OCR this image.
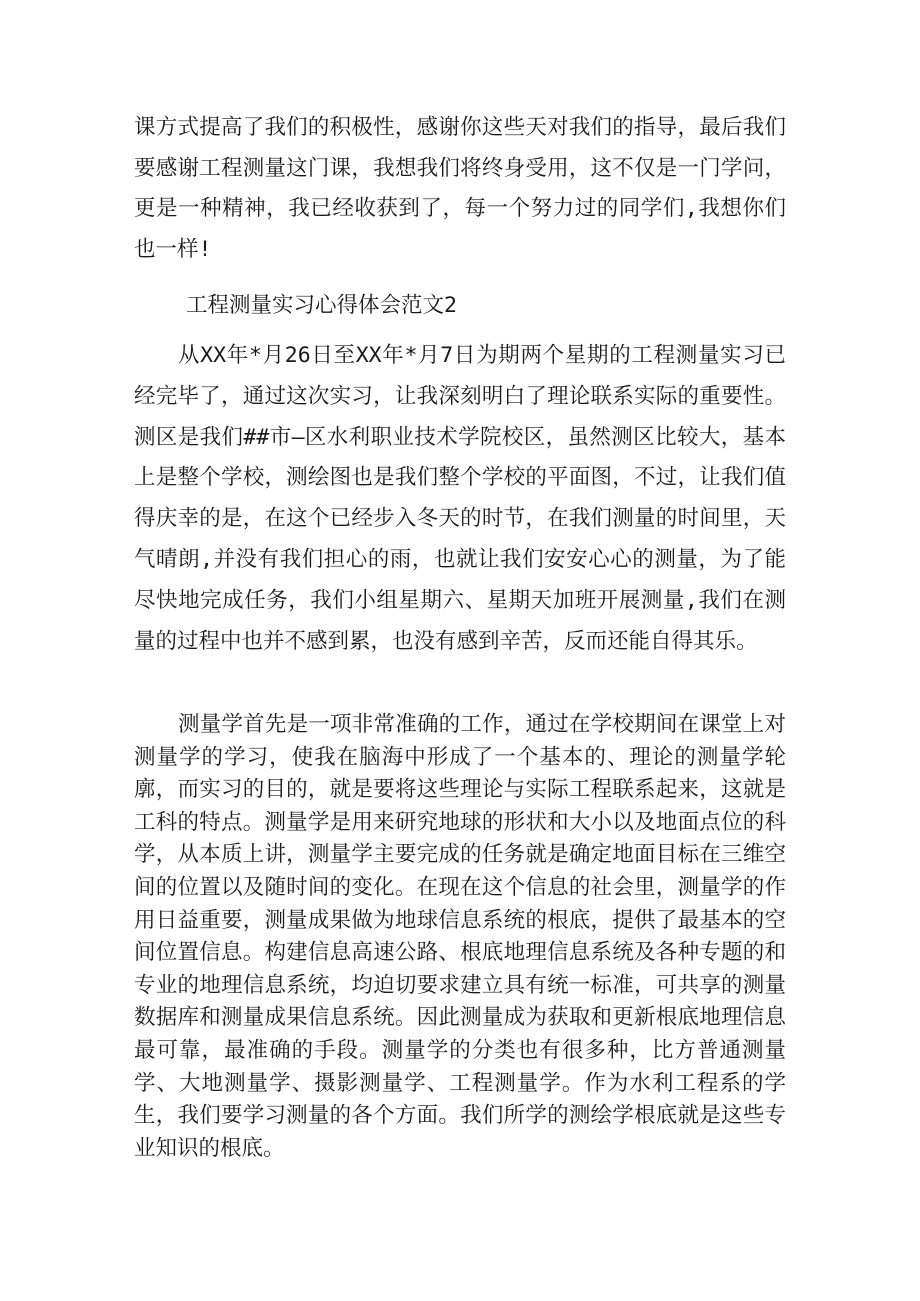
课方式提高了我们的积极性，感谢你这些天对我们的指导，最后我们要感谢工程测量这门课，我想我们将终身受用，这不仅是一门学问，更是一种精神，我已经收获到了，每一个努力过的同学们,我想你们也一样!

工程测量实习心得体会范文2

从XX年*月26日至XX年*月7日为期两个星期的工程测量实习已经完毕了，通过这次实习，让我深刻明白了理论联系实际的重要性。测区是我们##市—区水利职业技术学院校区，虽然测区比较大，基本上是整个学校，测绘图也是我们整个学校的平面图，不过，让我们值得庆幸的是，在这个已经步入冬天的时节，在我们测量的时间里，天气晴朗,并没有我们担心的雨，也就让我们安安心心的测量，为了能尽快地完成任务，我们小组星期六、星期天加班开展测量,我们在测量的过程中也并不感到累，也没有感到辛苦，反而还能自得其乐。

测量学首先是一项非常准确的工作，通过在学校期间在课堂上对测量学的学习，使我在脑海中形成了一个基本的、理论的测量学轮廓，而实习的目的，就是要将这些理论与实际工程联系起来，这就是工科的特点。测量学是用来研究地球的形状和大小以及地面点位的科学，从本质上讲，测量学主要完成的任务就是确定地面目标在三维空间的位置以及随时间的变化。在现在这个信息的社会里，测量学的作用日益重要，测量成果做为地球信息系统的根底，提供了最基本的空间位置信息。构建信息高速公路、根底地理信息系统及各种专题的和专业的地理信息系统，均迫切要求建立具有统一标准，可共享的测量数据库和测量成果信息系统。因此测量成为获取和更新根底地理信息最可靠，最准确的手段。测量学的分类也有很多种，比方普通测量学、大地测量学、摄影测量学、工程测量学。作为水利工程系的学生，我们要学习测量的各个方面。我们所学的测绘学根底就是这些专业知识的根底。
